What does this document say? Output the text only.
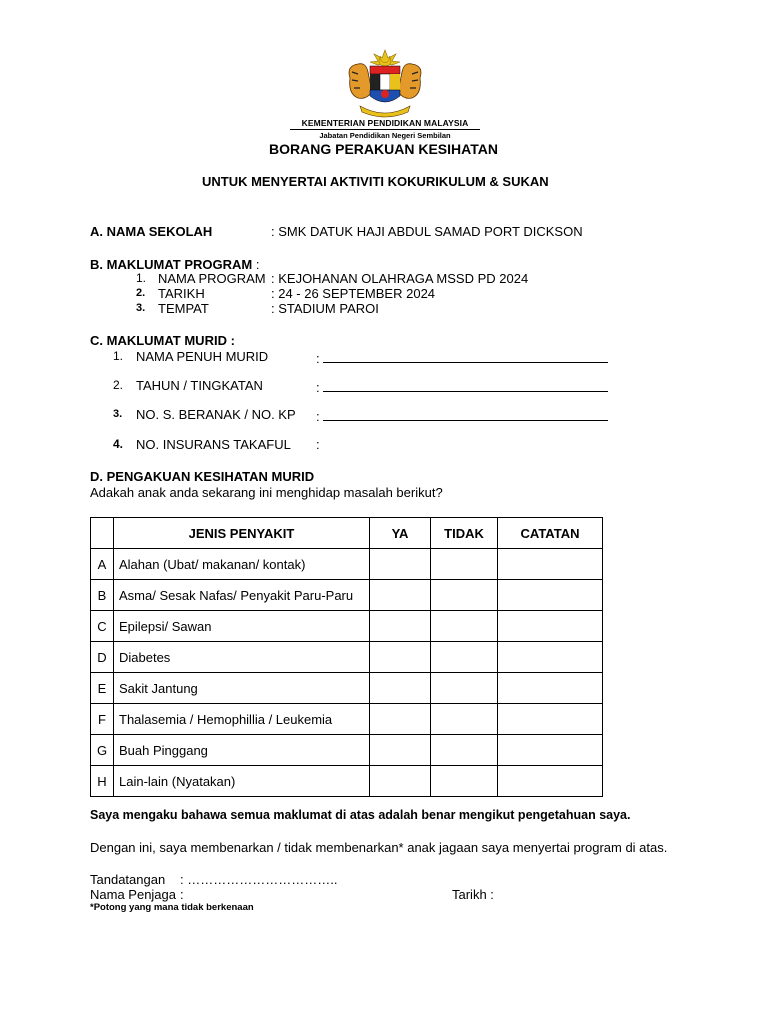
KEMENTERIAN PENDIDIKAN MALAYSIA
Jabatan Pendidikan Negeri Sembilan
BORANG PERAKUAN KESIHATAN
UNTUK MENYERTAI AKTIVITI KOKURIKULUM & SUKAN
A. NAMA SEKOLAH	: SMK DATUK HAJI ABDUL SAMAD PORT DICKSON
B. MAKLUMAT PROGRAM :
1. NAMA PROGRAM : KEJOHANAN OLAHRAGA MSSD PD 2024
2. TARIKH	: 24 - 26 SEPTEMBER 2024
3. TEMPAT	: STADIUM PAROI
C. MAKLUMAT MURID :
1. NAMA PENUH MURID	:
2. TAHUN / TINGKATAN	:
3. NO. S. BERANAK / NO. KP :
4. NO. INSURANS TAKAFUL :
D. PENGAKUAN KESIHATAN MURID
Adakah anak anda sekarang ini menghidap masalah berikut?
	JENIS PENYAKIT	YA	TIDAK	CATATAN
A	Alahan (Ubat/ makanan/ kontak)			
B	Asma/ Sesak Nafas/ Penyakit Paru-Paru			
C	Epilepsi/ Sawan			
D	Diabetes			
E	Sakit Jantung			
F	Thalasemia / Hemophillia / Leukemia			
G	Buah Pinggang			
H	Lain-lain (Nyatakan)			
Saya mengaku bahawa semua maklumat di atas adalah benar mengikut pengetahuan saya.
Dengan ini, saya membenarkan / tidak membenarkan* anak jagaan saya menyertai program di atas.
Tandatangan : ……………………………..
Nama Penjaga :	Tarikh :
*Potong yang mana tidak berkenaan
